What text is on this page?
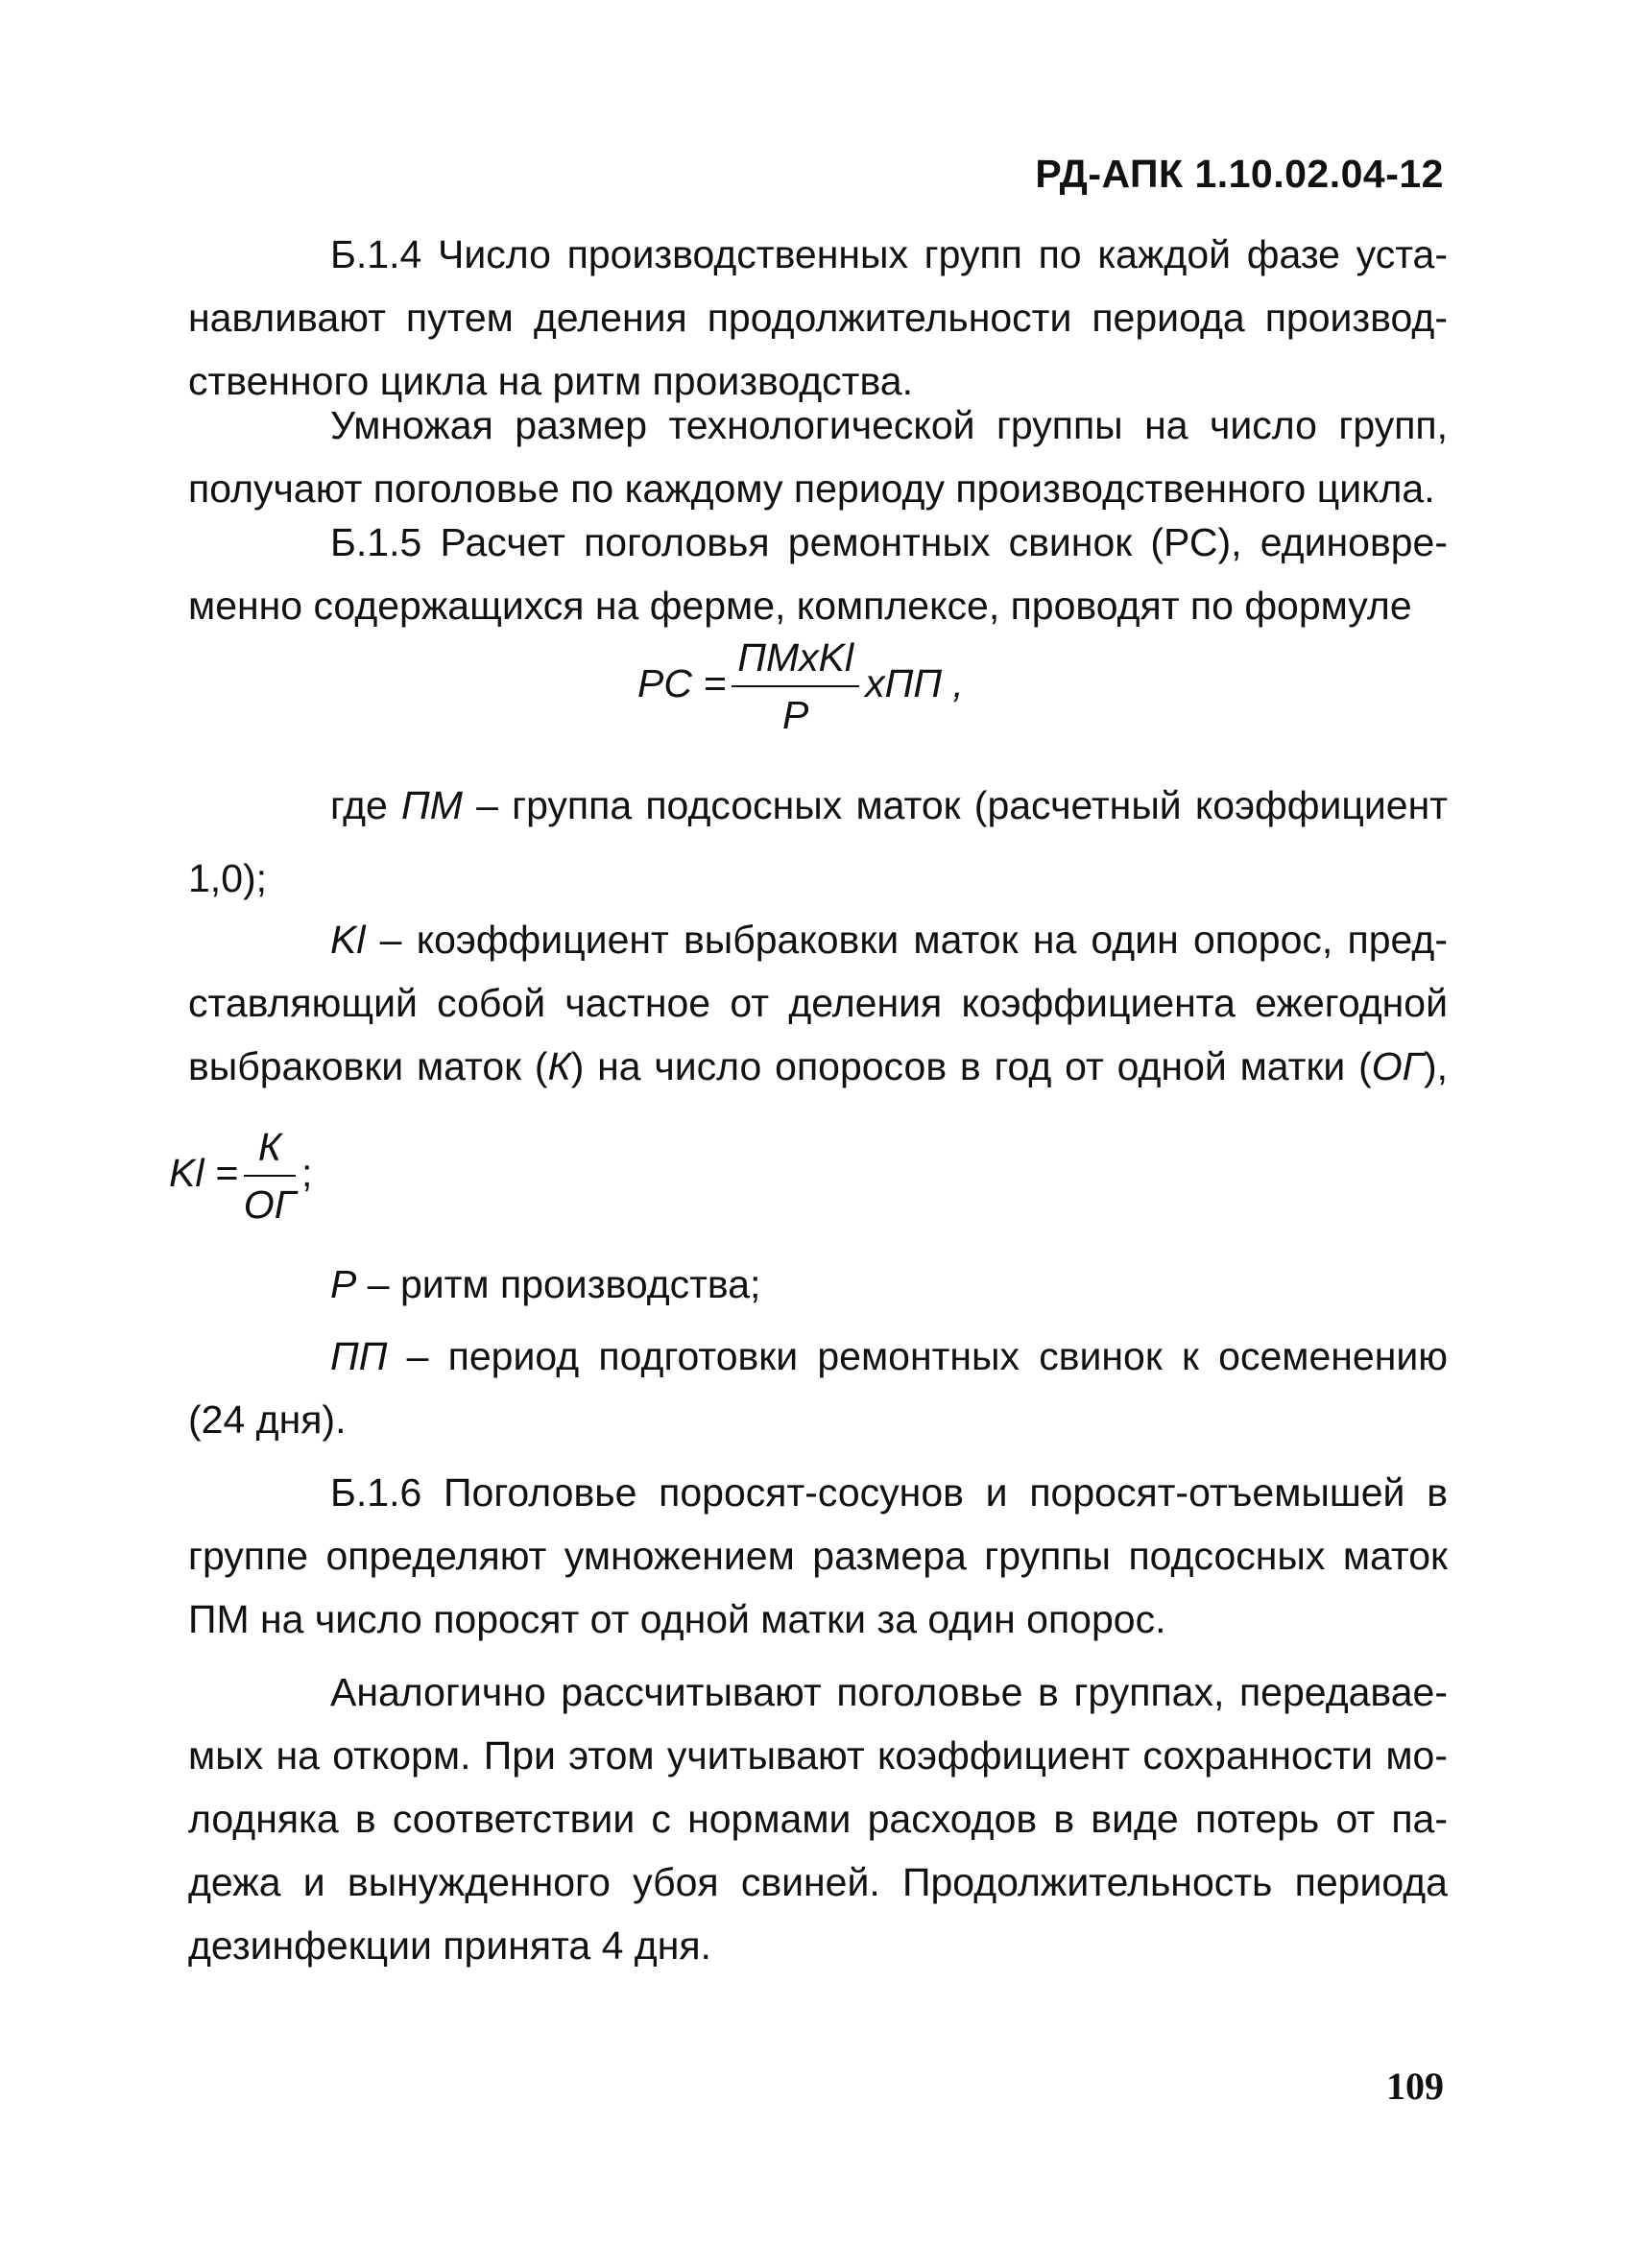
РД-АПК 1.10.02.04-12
Б.1.4 Число производственных групп по каждой фазе уста-
навливают путем деления продолжительности периода производ-
ственного цикла на ритм производства.
Умножая размер технологической группы на число групп,
получают поголовье по каждому периоду производственного цикла.
Б.1.5 Расчет поголовья ремонтных свинок (РС), единовре-
менно содержащихся на ферме, комплексе, проводят по формуле
РС = $\frac{\text{ПМхKl}}{Р}$ хПП ,
где ПМ – группа подсосных маток (расчетный коэффициент
1,0);
Kl – коэффициент выбраковки маток на один опорос, пред-
ставляющий собой частное от деления коэффициента ежегодной
выбраковки маток (К) на число опоросов в год от одной матки (ОГ),
$Kl = \frac{К}{ОГ}$ ;
Р – ритм производства;
ПП – период подготовки ремонтных свинок к осеменению
(24 дня).
Б.1.6 Поголовье поросят-сосунов и поросят-отъемышей в
группе определяют умножением размера группы подсосных маток
ПМ на число поросят от одной матки за один опорос.
Аналогично рассчитывают поголовье в группах, передавае-
мых на откорм. При этом учитывают коэффициент сохранности мо-
лодняка в соответствии с нормами расходов в виде потерь от па-
дежа и вынужденного убоя свиней. Продолжительность периода
дезинфекции принята 4 дня.
109
